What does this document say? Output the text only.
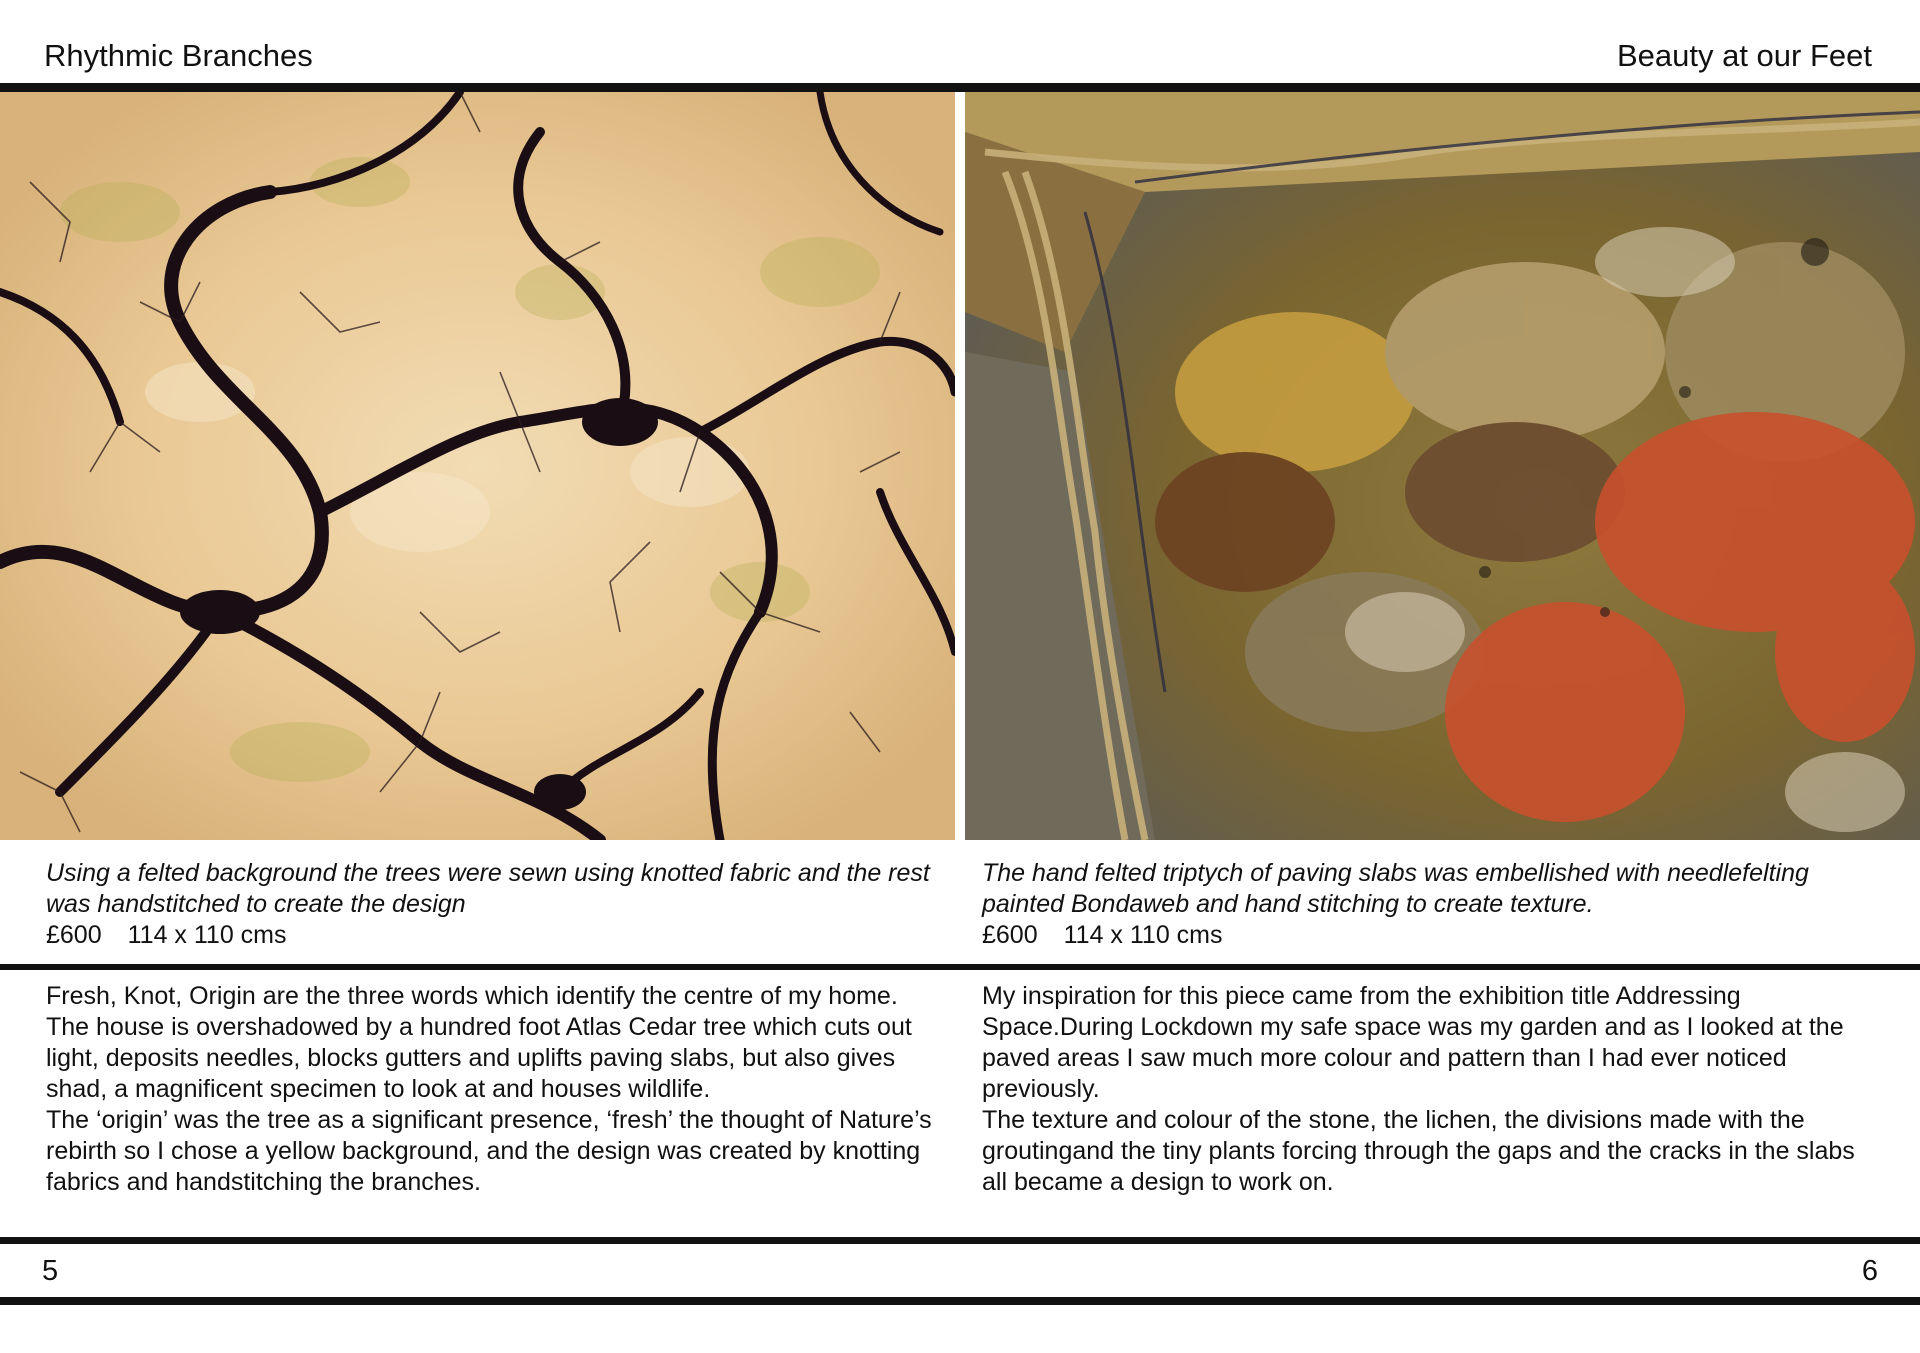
Rhythmic Branches	Beauty at our Feet
Using a felted background the trees were sewn using knotted fabric and the rest was handstitched to create the design
£600 114 x 110 cms
The hand felted triptych of paving slabs was embellished with needlefelting painted Bondaweb and hand stitching to create texture.
£600 114 x 110 cms

Fresh, Knot, Origin are the three words which identify the centre of my home. The house is overshadowed by a hundred foot Atlas Cedar tree which cuts out light, deposits needles, blocks gutters and uplifts paving slabs, but also gives shad, a magnificent specimen to look at and houses wildlife.

The ‘origin’ was the tree as a significant presence, ‘fresh’ the thought of Nature’s rebirth so I chose a yellow background, and the design was created by knotting fabrics and handstitching the branches.

My inspiration for this piece came from the exhibition title Addressing Space.During Lockdown my safe space was my garden and as I looked at the paved areas I saw much more colour and pattern than I had ever noticed previously.

The texture and colour of the stone, the lichen, the divisions made with the groutingand the tiny plants forcing through the gaps and the cracks in the slabs all became a design to work on.

5	6
